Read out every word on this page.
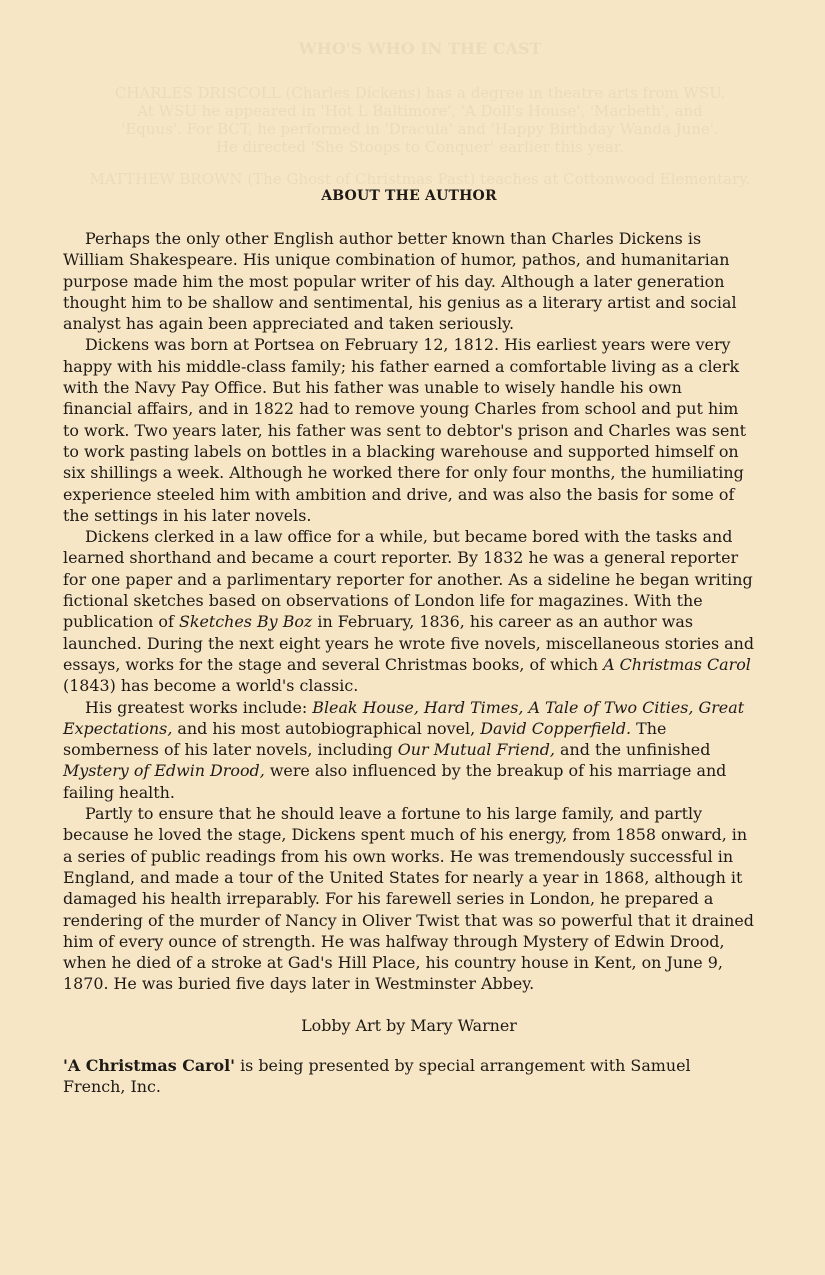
WHO'S WHO IN THE CAST
CHARLES DRISCOLL (Charles Dickens) has a degree in theatre arts from WSU.
At WSU he appeared in 'Hot L Baltimore', 'A Doll's House', 'Macbeth', and
'Equus'. For BCT, he performed in 'Dracula' and 'Happy Birthday Wanda June'.
He directed 'She Stoops to Conquer' earlier this year.
MATTHEW BROWN (The Ghost of Christmas Past) teaches at Cottonwood Elementary.
ABOUT THE AUTHOR

Perhaps the only other English author better known than Charles Dickens is William Shakespeare. His unique combination of humor, pathos, and humanitarian purpose made him the most popular writer of his day. Although a later generation thought him to be shallow and sentimental, his genius as a literary artist and social analyst has again been appreciated and taken seriously.

Dickens was born at Portsea on February 12, 1812. His earliest years were very happy with his middle-class family; his father earned a comfortable living as a clerk with the Navy Pay Office. But his father was unable to wisely handle his own financial affairs, and in 1822 had to remove young Charles from school and put him to work. Two years later, his father was sent to debtor's prison and Charles was sent to work pasting labels on bottles in a blacking warehouse and supported himself on six shillings a week. Although he worked there for only four months, the humiliating experience steeled him with ambition and drive, and was also the basis for some of the settings in his later novels.

Dickens clerked in a law office for a while, but became bored with the tasks and learned shorthand and became a court reporter. By 1832 he was a general reporter for one paper and a parlimentary reporter for another. As a sideline he began writing fictional sketches based on observations of London life for magazines. With the publication of Sketches By Boz in February, 1836, his career as an author was launched. During the next eight years he wrote five novels, miscellaneous stories and essays, works for the stage and several Christmas books, of which A Christmas Carol (1843) has become a world's classic.

His greatest works include: Bleak House, Hard Times, A Tale of Two Cities, Great Expectations, and his most autobiographical novel, David Copperfield. The somberness of his later novels, including Our Mutual Friend, and the unfinished Mystery of Edwin Drood, were also influenced by the breakup of his marriage and failing health.

Partly to ensure that he should leave a fortune to his large family, and partly because he loved the stage, Dickens spent much of his energy, from 1858 onward, in a series of public readings from his own works. He was tremendously successful in England, and made a tour of the United States for nearly a year in 1868, although it damaged his health irreparably. For his farewell series in London, he prepared a rendering of the murder of Nancy in Oliver Twist that was so powerful that it drained him of every ounce of strength. He was halfway through Mystery of Edwin Drood, when he died of a stroke at Gad's Hill Place, his country house in Kent, on June 9, 1870. He was buried five days later in Westminster Abbey.

Lobby Art by Mary Warner

'A Christmas Carol' is being presented by special arrangement with Samuel French, Inc.
